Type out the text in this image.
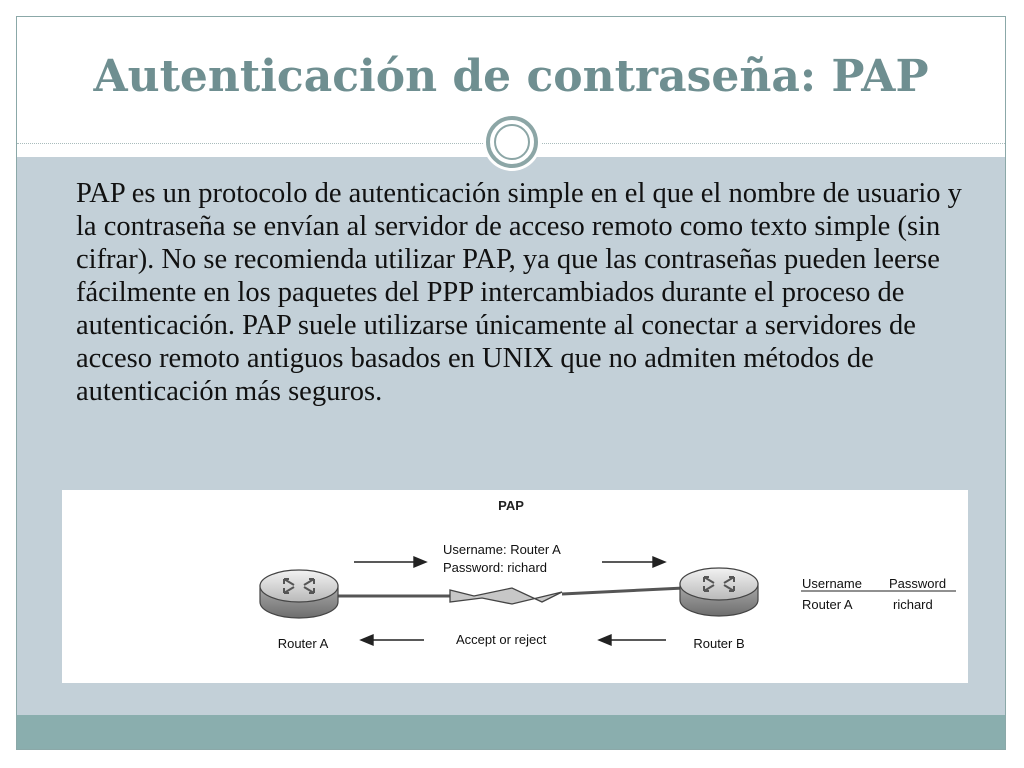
Autenticación de contraseña: PAP

PAP es un protocolo de autenticación simple en el que el nombre de usuario y la contraseña se envían al servidor de acceso remoto como texto simple (sin cifrar). No se recomienda utilizar PAP, ya que las contraseñas pueden leerse fácilmente en los paquetes del PPP intercambiados durante el proceso de autenticación. PAP suele utilizarse únicamente al conectar a servidores de acceso remoto antiguos basados en UNIX que no admiten métodos de autenticación más seguros.

PAP
Username: Router A
Password: richard
Accept or reject
Router A	Router B
Username Password
Router A	richard
